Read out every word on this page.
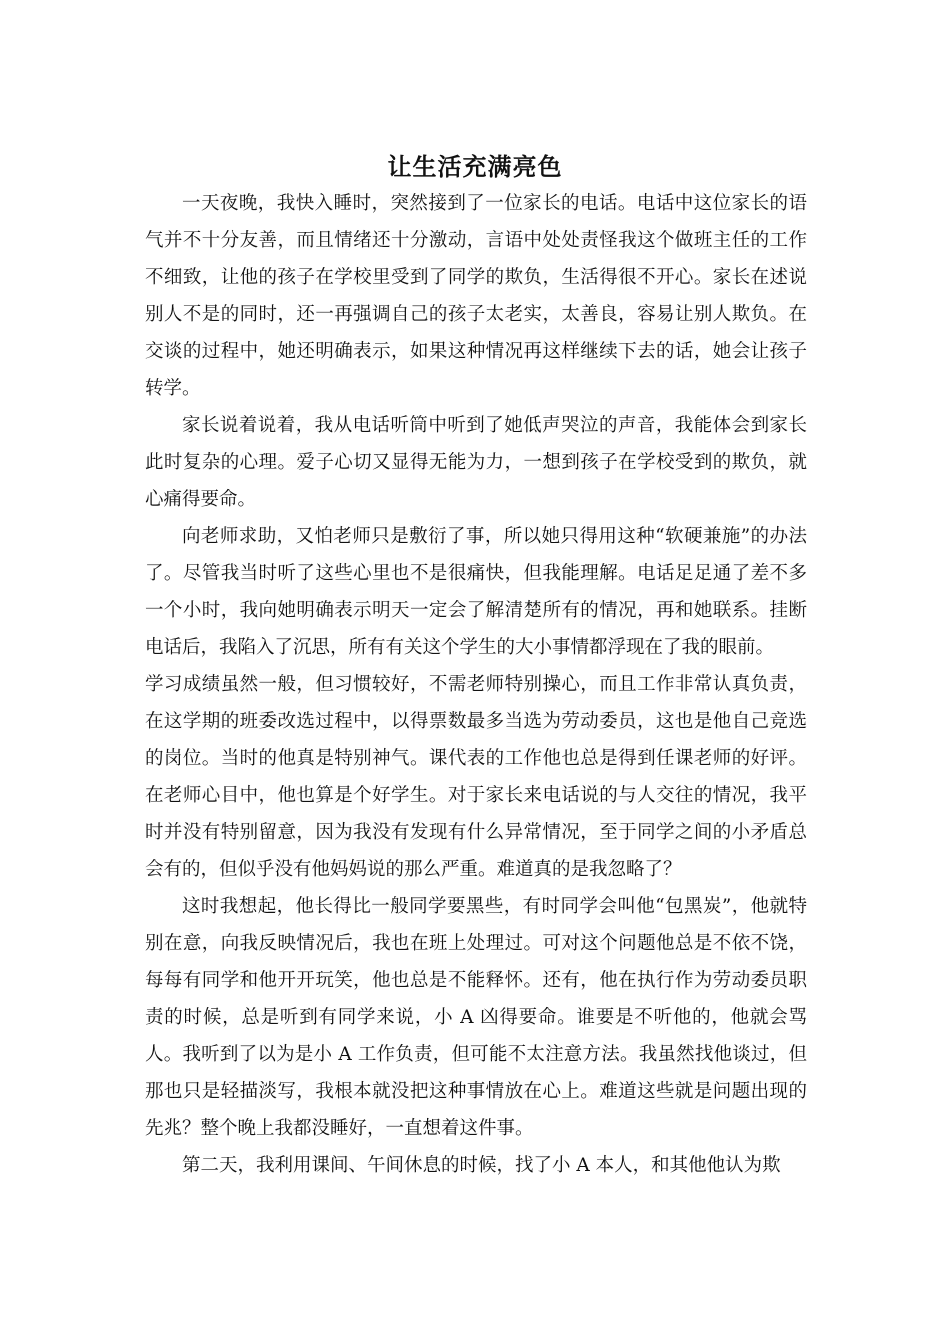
让生活充满亮色

一天夜晚，我快入睡时，突然接到了一位家长的电话。电话中这位家长的语气并不十分友善，而且情绪还十分激动，言语中处处责怪我这个做班主任的工作不细致，让他的孩子在学校里受到了同学的欺负，生活得很不开心。家长在述说别人不是的同时，还一再强调自己的孩子太老实，太善良，容易让别人欺负。在交谈的过程中，她还明确表示，如果这种情况再这样继续下去的话，她会让孩子转学。

家长说着说着，我从电话听筒中听到了她低声哭泣的声音，我能体会到家长此时复杂的心理。爱子心切又显得无能为力，一想到孩子在学校受到的欺负，就心痛得要命。

向老师求助，又怕老师只是敷衍了事，所以她只得用这种“软硬兼施”的办法了。尽管我当时听了这些心里也不是很痛快，但我能理解。电话足足通了差不多一个小时，我向她明确表示明天一定会了解清楚所有的情况，再和她联系。挂断电话后，我陷入了沉思，所有有关这个学生的大小事情都浮现在了我的眼前。

学习成绩虽然一般，但习惯较好，不需老师特别操心，而且工作非常认真负责，在这学期的班委改选过程中，以得票数最多当选为劳动委员，这也是他自己竞选的岗位。当时的他真是特别神气。课代表的工作他也总是得到任课老师的好评。在老师心目中，他也算是个好学生。对于家长来电话说的与人交往的情况，我平时并没有特别留意，因为我没有发现有什么异常情况，至于同学之间的小矛盾总会有的，但似乎没有他妈妈说的那么严重。难道真的是我忽略了？

这时我想起，他长得比一般同学要黑些，有时同学会叫他“包黑炭”，他就特别在意，向我反映情况后，我也在班上处理过。可对这个问题他总是不依不饶，每每有同学和他开开玩笑，他也总是不能释怀。还有，他在执行作为劳动委员职责的时候，总是听到有同学来说，小 A 凶得要命。谁要是不听他的，他就会骂人。我听到了以为是小 A 工作负责，但可能不太注意方法。我虽然找他谈过，但那也只是轻描淡写，我根本就没把这种事情放在心上。难道这些就是问题出现的先兆？整个晚上我都没睡好，一直想着这件事。

第二天，我利用课间、午间休息的时候，找了小 A 本人，和其他他认为欺
